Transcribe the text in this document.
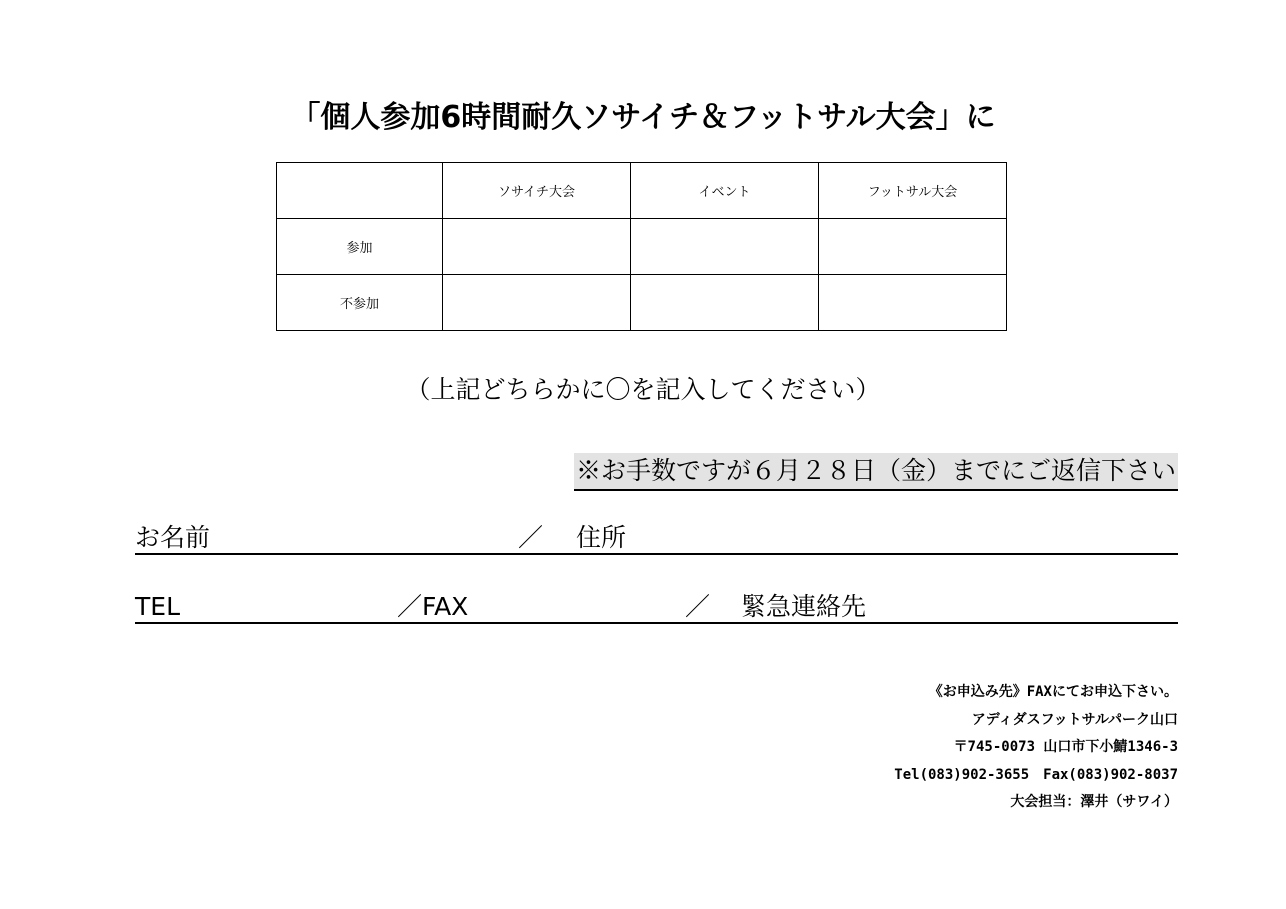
「個人参加6時間耐久ソサイチ＆フットサル大会」に
	ソサイチ大会	イベント	フットサル大会
参加			
不参加			
（上記どちらかに〇を記入してください）
※お手数ですが６月２８日（金）までにご返信下さい
お名前	／ 住所
TEL	／FAX	／ 緊急連絡先
《お申込み先》FAXにてお申込下さい。
アディダスフットサルパーク山口
〒745-0073 山口市下小鯖1346-3
Tel(083)902-3655　Fax(083)902-8037
大会担当：澤井（サワイ）
